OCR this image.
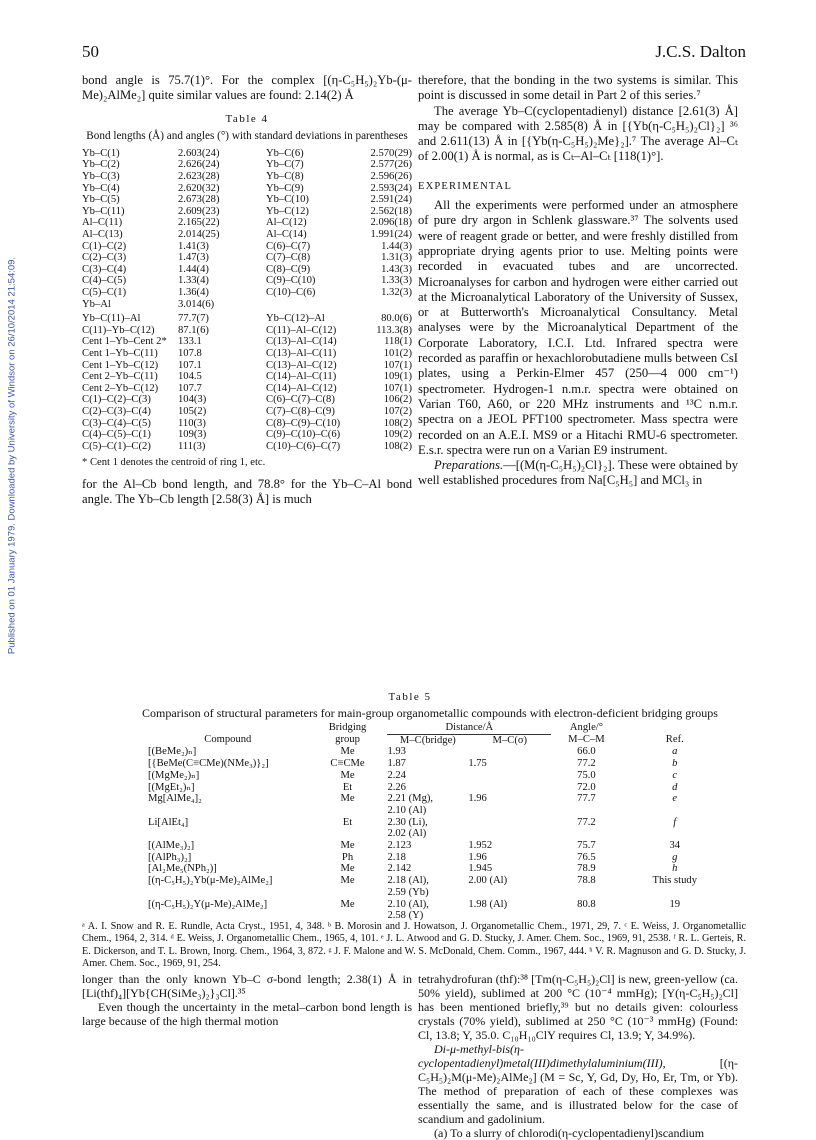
50	J.C.S. Dalton
Published on 01 January 1979. Downloaded by University of Windsor on 26/10/2014 21:54:09.

bond angle is 75.7(1)°. For the complex [(η-C₅H₅)₂Yb-(μ-Me)₂AlMe₂] quite similar values are found: 2.14(2) Å

Table 4
Bond lengths (Å) and angles (°) with standard deviations in parentheses
Yb–C(1)	2.603(24)	Yb–C(6)	2.570(29)
Yb–C(2)	2.626(24)	Yb–C(7)	2.577(26)
Yb–C(3)	2.623(28)	Yb–C(8)	2.596(26)
Yb–C(4)	2.620(32)	Yb–C(9)	2.593(24)
Yb–C(5)	2.673(28)	Yb–C(10)	2.591(24)
Yb–C(11)	2.609(23)	Yb–C(12)	2.562(18)
Al–C(11)	2.165(22)	Al–C(12)	2.096(18)
Al–C(13)	2.014(25)	Al–C(14)	1.991(24)
C(1)–C(2)	1.41(3)	C(6)–C(7)	1.44(3)
C(2)–C(3)	1.47(3)	C(7)–C(8)	1.31(3)
C(3)–C(4)	1.44(4)	C(8)–C(9)	1.43(3)
C(4)–C(5)	1.33(4)	C(9)–C(10)	1.33(3)
C(5)–C(1)	1.36(4)	C(10)–C(6)	1.32(3)
Yb–Al	3.014(6)		
Yb–C(11)–Al	77.7(7)	Yb–C(12)–Al	80.0(6)
C(11)–Yb–C(12)	87.1(6)	C(11)–Al–C(12)	113.3(8)
Cent 1–Yb–Cent 2*	133.1	C(13)–Al–C(14)	118(1)
Cent 1–Yb–C(11)	107.8	C(13)–Al–C(11)	101(2)
Cent 1–Yb–C(12)	107.1	C(13)–Al–C(12)	107(1)
Cent 2–Yb–C(11)	104.5	C(14)–Al–C(11)	109(1)
Cent 2–Yb–C(12)	107.7	C(14)–Al–C(12)	107(1)
C(1)–C(2)–C(3)	104(3)	C(6)–C(7)–C(8)	106(2)
C(2)–C(3)–C(4)	105(2)	C(7)–C(8)–C(9)	107(2)
C(3)–C(4)–C(5)	110(3)	C(8)–C(9)–C(10)	108(2)
C(4)–C(5)–C(1)	109(3)	C(9)–C(10)–C(6)	109(2)
C(5)–C(1)–C(2)	111(3)	C(10)–C(6)–C(7)	108(2)
* Cent 1 denotes the centroid of ring 1, etc.

for the Al–Cb bond length, and 78.8° for the Yb–C–Al bond angle. The Yb–Cb length [2.58(3) Å] is much

therefore, that the bonding in the two systems is similar. This point is discussed in some detail in Part 2 of this series.⁷

The average Yb–C(cyclopentadienyl) distance [2.61(3) Å] may be compared with 2.585(8) Å in [{Yb(η-C₅H₅)₂Cl}₂] ³⁶ and 2.611(13) Å in [{Yb(η-C₅H₅)₂Me}₂].⁷ The average Al–Cₜ of 2.00(1) Å is normal, as is Cₜ–Al–Cₜ [118(1)°].

EXPERIMENTAL

All the experiments were performed under an atmosphere of pure dry argon in Schlenk glassware.³⁷ The solvents used were of reagent grade or better, and were freshly distilled from appropriate drying agents prior to use. Melting points were recorded in evacuated tubes and are uncorrected. Microanalyses for carbon and hydrogen were either carried out at the Microanalytical Laboratory of the University of Sussex, or at Butterworth's Microanalytical Consultancy. Metal analyses were by the Microanalytical Department of the Corporate Laboratory, I.C.I. Ltd. Infrared spectra were recorded as paraffin or hexachlorobutadiene mulls between CsI plates, using a Perkin-Elmer 457 (250—4 000 cm⁻¹) spectrometer. Hydrogen-1 n.m.r. spectra were obtained on Varian T60, A60, or 220 MHz instruments and ¹³C n.m.r. spectra on a JEOL PFT100 spectrometer. Mass spectra were recorded on an A.E.I. MS9 or a Hitachi RMU-6 spectrometer. E.s.r. spectra were run on a Varian E9 instrument.

Preparations.—[(M(η-C₅H₅)₂Cl}₂]. These were obtained by well established procedures from Na[C₅H₅] and MCl₃ in

Table 5
Comparison of structural parameters for main-group organometallic compounds with electron-deficient bridging groups
	Bridging	Distance/Å		Angle/°	
Compound	group	M–C(bridge)	M–C(σ)	M–C–M	Ref.
[(BeMe₂)ₙ]	Me	1.93		66.0	a
[{BeMe(C≡CMe)(NMe₃)}₂]	C≡CMe	1.87	1.75	77.2	b
[(MgMe₂)ₙ]	Me	2.24		75.0	c
[(MgEt₂)ₙ]	Et	2.26		72.0	d
Mg[AlMe₄]₂	Me	2.21 (Mg),
2.10 (Al)	1.96	77.7	e
Li[AlEt₄]	Et	2.30 (Li),
2.02 (Al)		77.2	f
[(AlMe₃)₂]	Me	2.123	1.952	75.7	34
[(AlPh₃)₂]	Ph	2.18	1.96	76.5	g
[Al₂Me₅(NPh₂)]	Me	2.142	1.945	78.9	h
[(η-C₅H₅)₂Yb(μ-Me)₂AlMe₂]	Me	2.18 (Al),
2.59 (Yb)	2.00 (Al)	78.8	This study
[(η-C₅H₅)₂Y(μ-Me)₂AlMe₂]	Me	2.10 (Al),
2.58 (Y)	1.98 (Al)	80.8	19
ᵃ A. I. Snow and R. E. Rundle, Acta Cryst., 1951, 4, 348. ᵇ B. Morosin and J. Howatson, J. Organometallic Chem., 1971, 29, 7. ᶜ E. Weiss, J. Organometallic Chem., 1964, 2, 314. ᵈ E. Weiss, J. Organometallic Chem., 1965, 4, 101. ᵉ J. L. Atwood and G. D. Stucky, J. Amer. Chem. Soc., 1969, 91, 2538. ᶠ R. L. Gerteis, R. E. Dickerson, and T. L. Brown, Inorg. Chem., 1964, 3, 872. ᵍ J. F. Malone and W. S. McDonald, Chem. Comm., 1967, 444. ʰ V. R. Magnuson and G. D. Stucky, J. Amer. Chem. Soc., 1969, 91, 254.

longer than the only known Yb–C σ-bond length; 2.38(1) Å in [Li(thf)₄][Yb{CH(SiMe₃)₂}₃Cl].³⁵

Even though the uncertainty in the metal–carbon bond length is large because of the high thermal motion

tetrahydrofuran (thf):³⁸ [Tm(η-C₅H₅)₂Cl] is new, green-yellow (ca. 50% yield), sublimed at 200 °C (10⁻⁴ mmHg); [Y(η-C₅H₅)₂Cl] has been mentioned briefly,³⁹ but no details given: colourless crystals (70% yield), sublimed at 250 °C (10⁻³ mmHg) (Found: Cl, 13.8; Y, 35.0. C₁₀H₁₀ClY requires Cl, 13.9; Y, 34.9%).

Di-μ-methyl-bis(η-cyclopentadienyl)metal(III)dimethylaluminium(III), [(η-C₅H₅)₂M(μ-Me)₂AlMe₂] (M = Sc, Y, Gd, Dy, Ho, Er, Tm, or Yb). The method of preparation of each of these complexes was essentially the same, and is illustrated below for the case of scandium and gadolinium.

(a) To a slurry of chlorodi(η-cyclopentadienyl)scandium
